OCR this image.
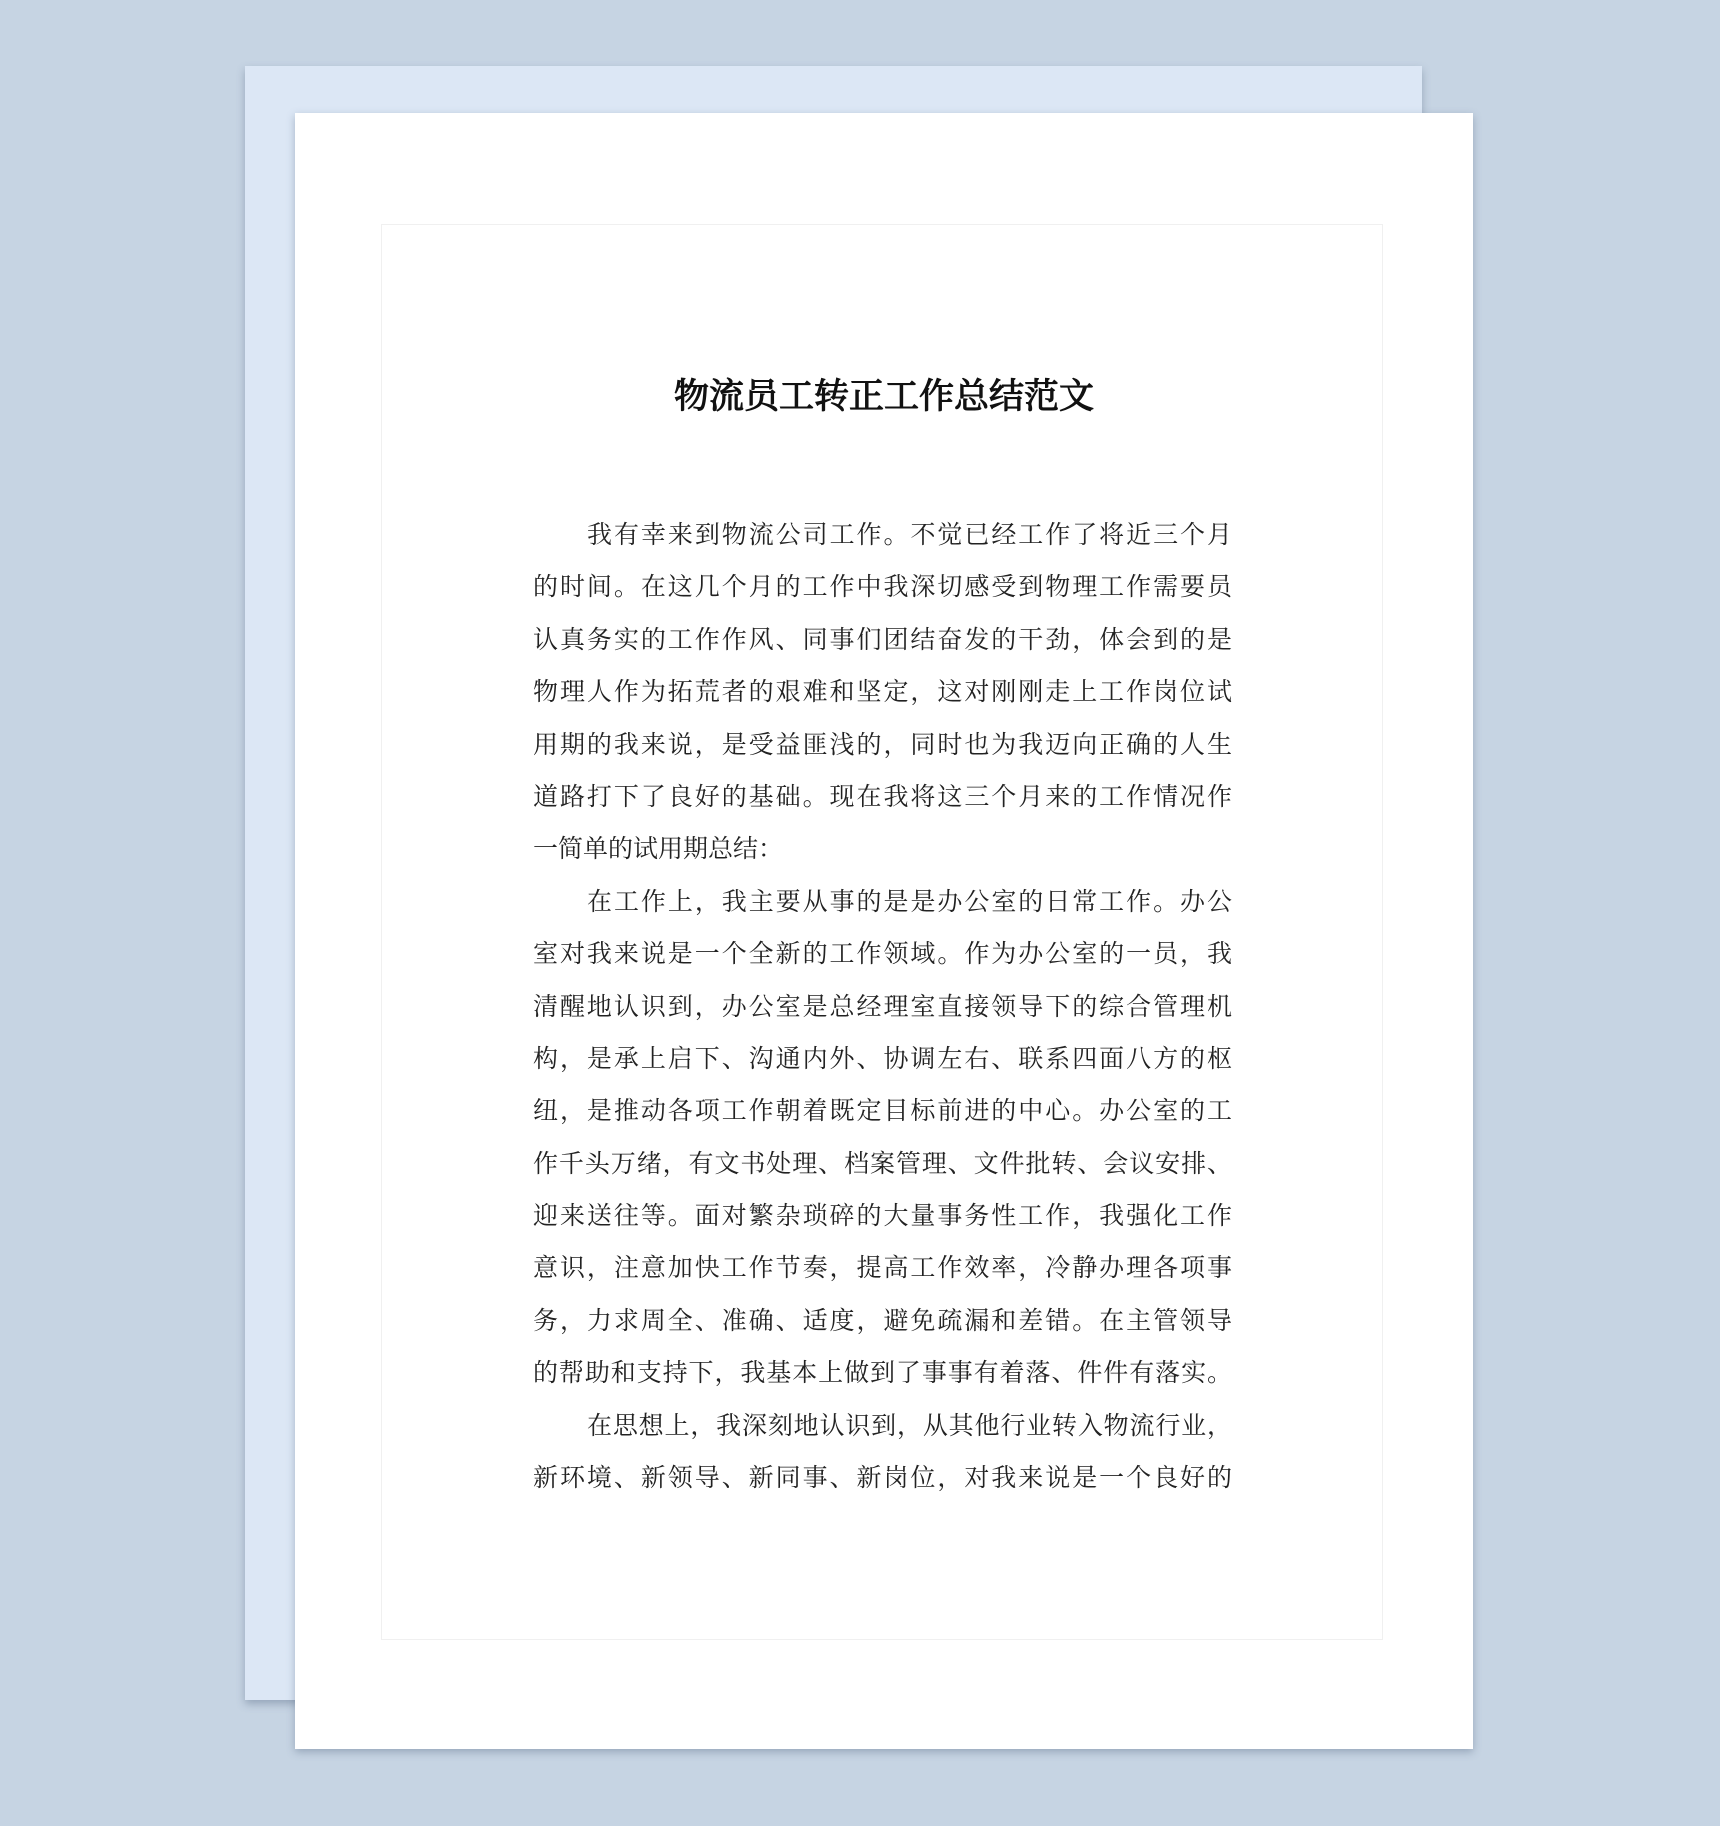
物流员工转正工作总结范文
我有幸来到物流公司工作。不觉已经工作了将近三个月
的时间。在这几个月的工作中我深切感受到物理工作需要员
认真务实的工作作风、同事们团结奋发的干劲，体会到的是
物理人作为拓荒者的艰难和坚定，这对刚刚走上工作岗位试
用期的我来说，是受益匪浅的，同时也为我迈向正确的人生
道路打下了良好的基础。现在我将这三个月来的工作情况作
一简单的试用期总结：
在工作上，我主要从事的是是办公室的日常工作。办公
室对我来说是一个全新的工作领域。作为办公室的一员，我
清醒地认识到，办公室是总经理室直接领导下的综合管理机
构，是承上启下、沟通内外、协调左右、联系四面八方的枢
纽，是推动各项工作朝着既定目标前进的中心。办公室的工
作千头万绪，有文书处理、档案管理、文件批转、会议安排、
迎来送往等。面对繁杂琐碎的大量事务性工作，我强化工作
意识，注意加快工作节奏，提高工作效率，冷静办理各项事
务，力求周全、准确、适度，避免疏漏和差错。在主管领导
的帮助和支持下，我基本上做到了事事有着落、件件有落实。
在思想上，我深刻地认识到，从其他行业转入物流行业，
新环境、新领导、新同事、新岗位，对我来说是一个良好的
